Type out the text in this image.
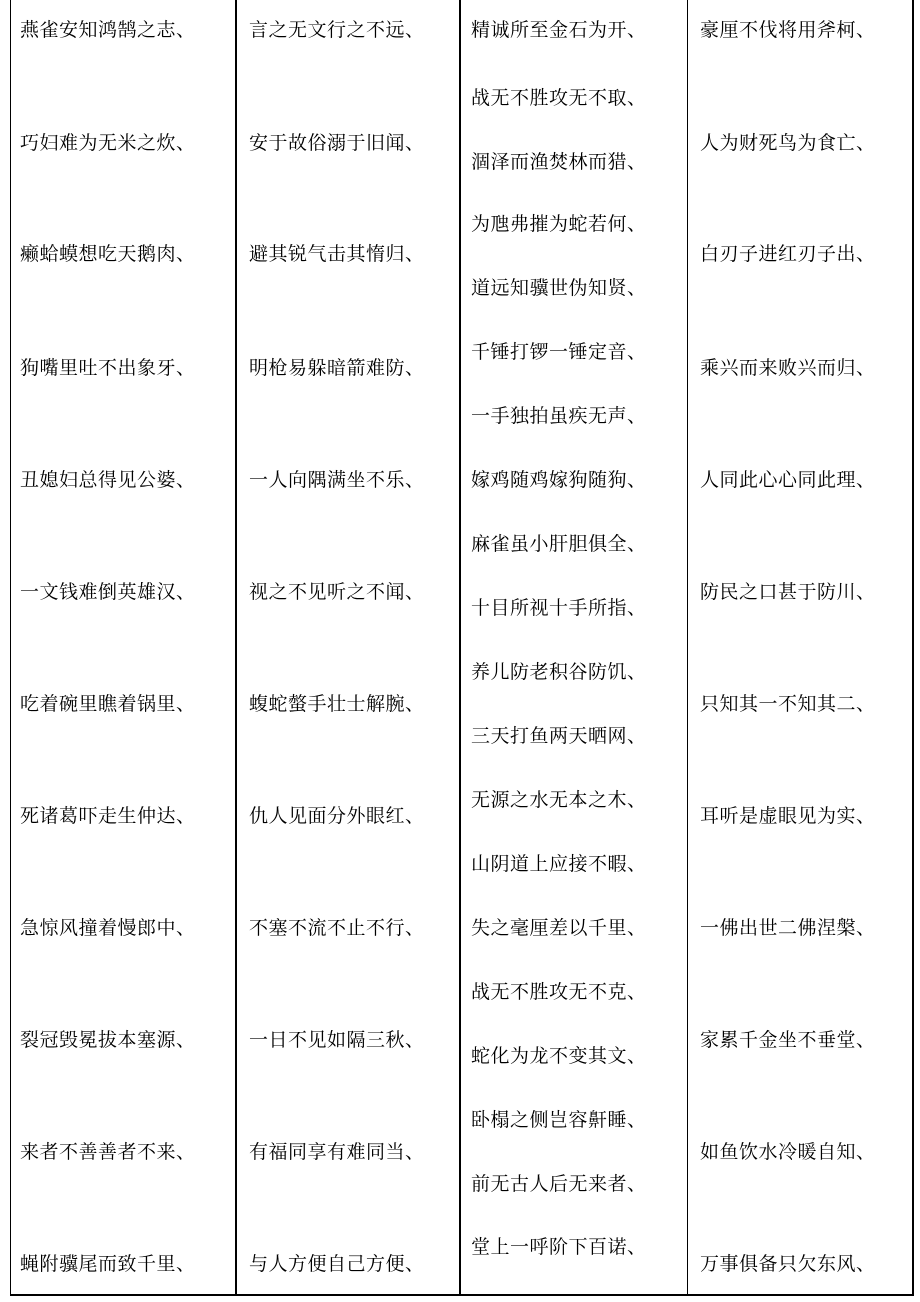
燕雀安知鸿鹄之志、
巧妇难为无米之炊、
癞蛤蟆想吃天鹅肉、
狗嘴里吐不出象牙、
丑媳妇总得见公婆、
一文钱难倒英雄汉、
吃着碗里瞧着锅里、
死诸葛吓走生仲达、
急惊风撞着慢郎中、
裂冠毁冕拔本塞源、
来者不善善者不来、
蝇附骥尾而致千里、
言之无文行之不远、
安于故俗溺于旧闻、
避其锐气击其惰归、
明枪易躲暗箭难防、
一人向隅满坐不乐、
视之不见听之不闻、
蝮蛇螫手壮士解腕、
仇人见面分外眼红、
不塞不流不止不行、
一日不见如隔三秋、
有福同享有难同当、
与人方便自己方便、
精诚所至金石为开、
战无不胜攻无不取、
涸泽而渔焚林而猎、
为虺弗摧为蛇若何、
道远知骥世伪知贤、
千锤打锣一锤定音、
一手独拍虽疾无声、
嫁鸡随鸡嫁狗随狗、
麻雀虽小肝胆俱全、
十目所视十手所指、
养儿防老积谷防饥、
三天打鱼两天晒网、
无源之水无本之木、
山阴道上应接不暇、
失之毫厘差以千里、
战无不胜攻无不克、
蛇化为龙不变其文、
卧榻之侧岂容鼾睡、
前无古人后无来者、
堂上一呼阶下百诺、
豪厘不伐将用斧柯、
人为财死鸟为食亡、
白刃子进红刃子出、
乘兴而来败兴而归、
人同此心心同此理、
防民之口甚于防川、
只知其一不知其二、
耳听是虚眼见为实、
一佛出世二佛涅槃、
家累千金坐不垂堂、
如鱼饮水冷暖自知、
万事俱备只欠东风、
